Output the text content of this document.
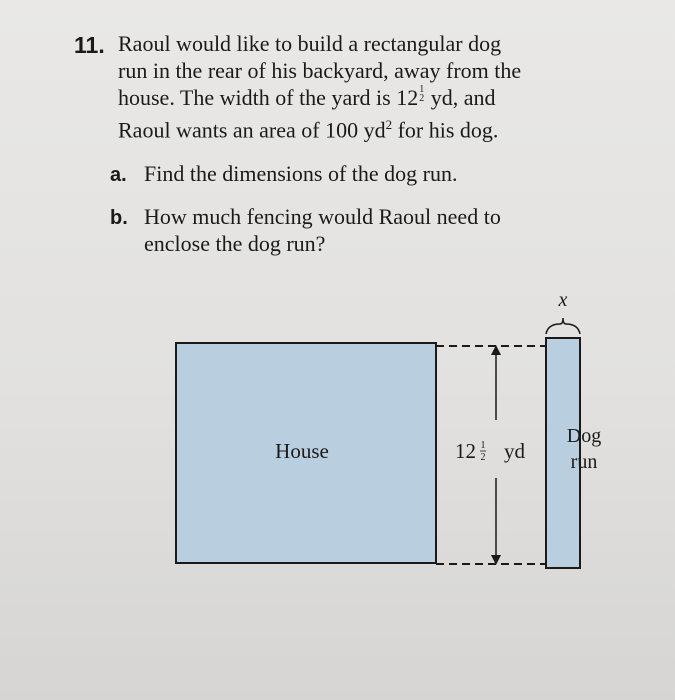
11. Raoul would like to build a rectangular dog
run in the rear of his backyard, away from the
house. The width of the yard is 12 1
2 yd, and
Raoul wants an area of 100 $yd^2$ for his dog.
a. Find the dimensions of the dog run.
b. How much fencing would Raoul need to
enclose the dog run?
x
House	12 1
2 yd
Dog
run
